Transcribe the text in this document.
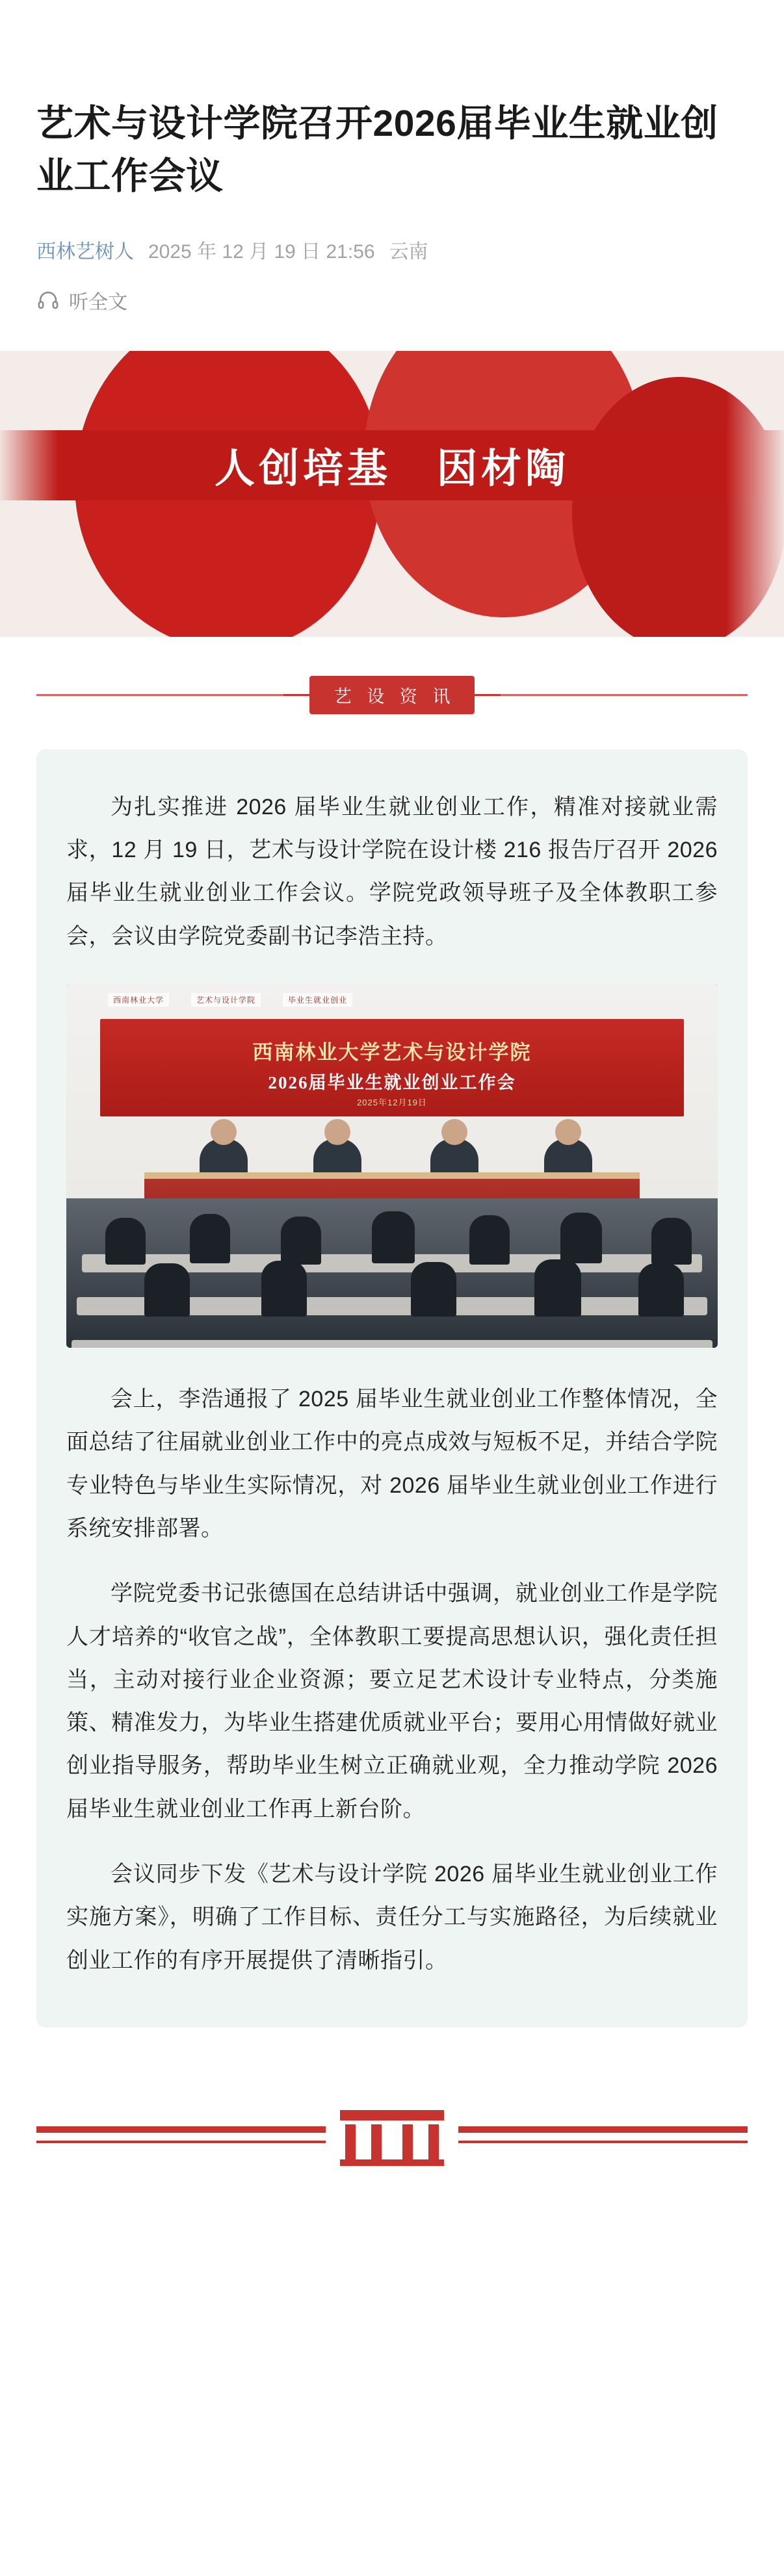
艺术与设计学院召开2026届毕业生就业创业工作会议
西林艺树人 2025 年 12 月 19 日 21:56 云南
听全文
人创培基 因材陶
艺 设 资 讯

为扎实推进 2026 届毕业生就业创业工作，精准对接就业需求，12 月 19 日，艺术与设计学院在设计楼 216 报告厅召开 2026 届毕业生就业创业工作会议。学院党政领导班子及全体教职工参会，会议由学院党委副书记李浩主持。

西南林业大学	艺术与设计学院	毕业生就业创业
西南林业大学艺术与设计学院
2026届毕业生就业创业工作会
2025年12月19日

会上，李浩通报了 2025 届毕业生就业创业工作整体情况，全面总结了往届就业创业工作中的亮点成效与短板不足，并结合学院专业特色与毕业生实际情况，对 2026 届毕业生就业创业工作进行系统安排部署。

学院党委书记张德国在总结讲话中强调，就业创业工作是学院人才培养的“收官之战”，全体教职工要提高思想认识，强化责任担当，主动对接行业企业资源；要立足艺术设计专业特点，分类施策、精准发力，为毕业生搭建优质就业平台；要用心用情做好就业创业指导服务，帮助毕业生树立正确就业观，全力推动学院 2026 届毕业生就业创业工作再上新台阶。

会议同步下发《艺术与设计学院 2026 届毕业生就业创业工作实施方案》，明确了工作目标、责任分工与实施路径，为后续就业创业工作的有序开展提供了清晰指引。
